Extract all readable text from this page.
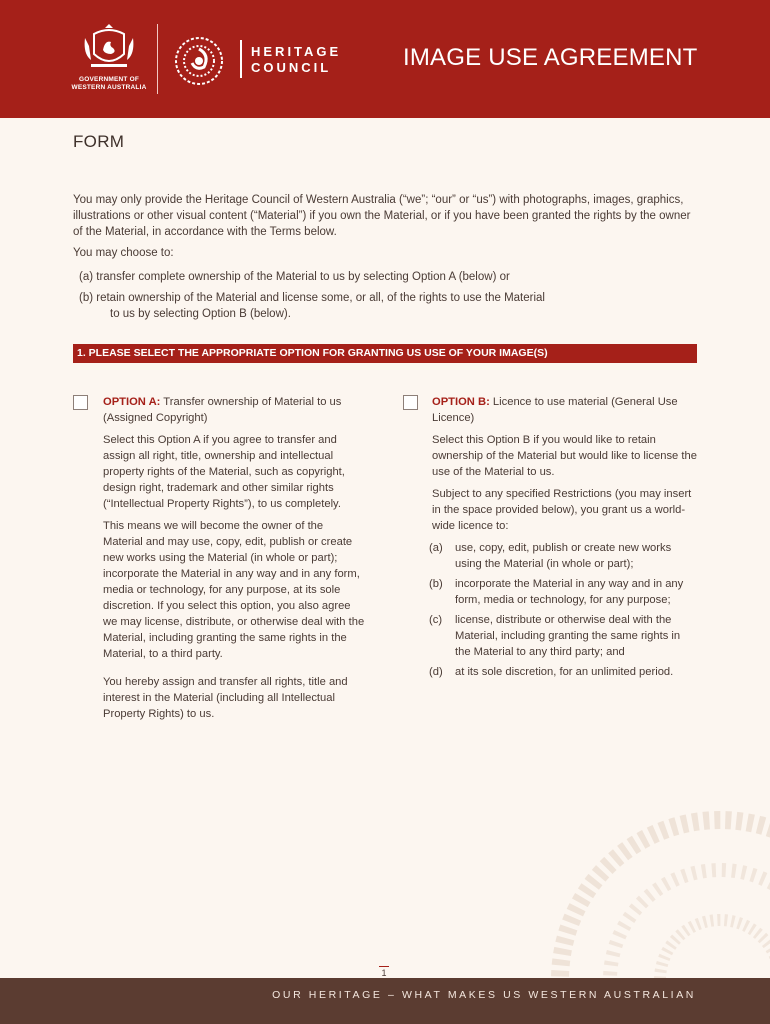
GOVERNMENT OF
WESTERN AUSTRALIA
HERITAGE
COUNCIL	IMAGE USE AGREEMENT
FORM

You may only provide the Heritage Council of Western Australia (“we”; “our” or “us”) with photographs, images, graphics, illustrations or other visual content (“Material”) if you own the Material, or if you have been granted the rights by the owner of the Material, in accordance with the Terms below.

You may choose to:
(a) transfer complete ownership of the Material to us by selecting Option A (below) or
(b) retain ownership of the Material and license some, or all, of the rights to use the Material
to us by selecting Option B (below).
1. PLEASE SELECT THE APPROPRIATE OPTION FOR GRANTING US USE OF YOUR IMAGE(S)

OPTION A: Transfer ownership of Material to us (Assigned Copyright)

Select this Option A if you agree to transfer and assign all right, title, ownership and intellectual property rights of the Material, such as copyright, design right, trademark and other similar rights (“Intellectual Property Rights”), to us completely.

This means we will become the owner of the Material and may use, copy, edit, publish or create new works using the Material (in whole or part); incorporate the Material in any way and in any form, media or technology, for any purpose, at its sole discretion. If you select this option, you also agree we may license, distribute, or otherwise deal with the Material, including granting the same rights in the Material, to a third party.

You hereby assign and transfer all rights, title and interest in the Material (including all Intellectual Property Rights) to us.

OPTION B: Licence to use material (General Use Licence)

Select this Option B if you would like to retain ownership of the Material but would like to license the use of the Material to us.

Subject to any specified Restrictions (you may insert in the space provided below), you grant us a world-wide licence to:

(a)	use, copy, edit, publish or create new works using the Material (in whole or part);
(b)	incorporate the Material in any way and in any form, media or technology, for any purpose;
(c)	license, distribute or otherwise deal with the Material, including granting the same rights in the Material to any third party; and
(d)	at its sole discretion, for an unlimited period.
1
OUR HERITAGE – WHAT MAKES US WESTERN AUSTRALIAN
